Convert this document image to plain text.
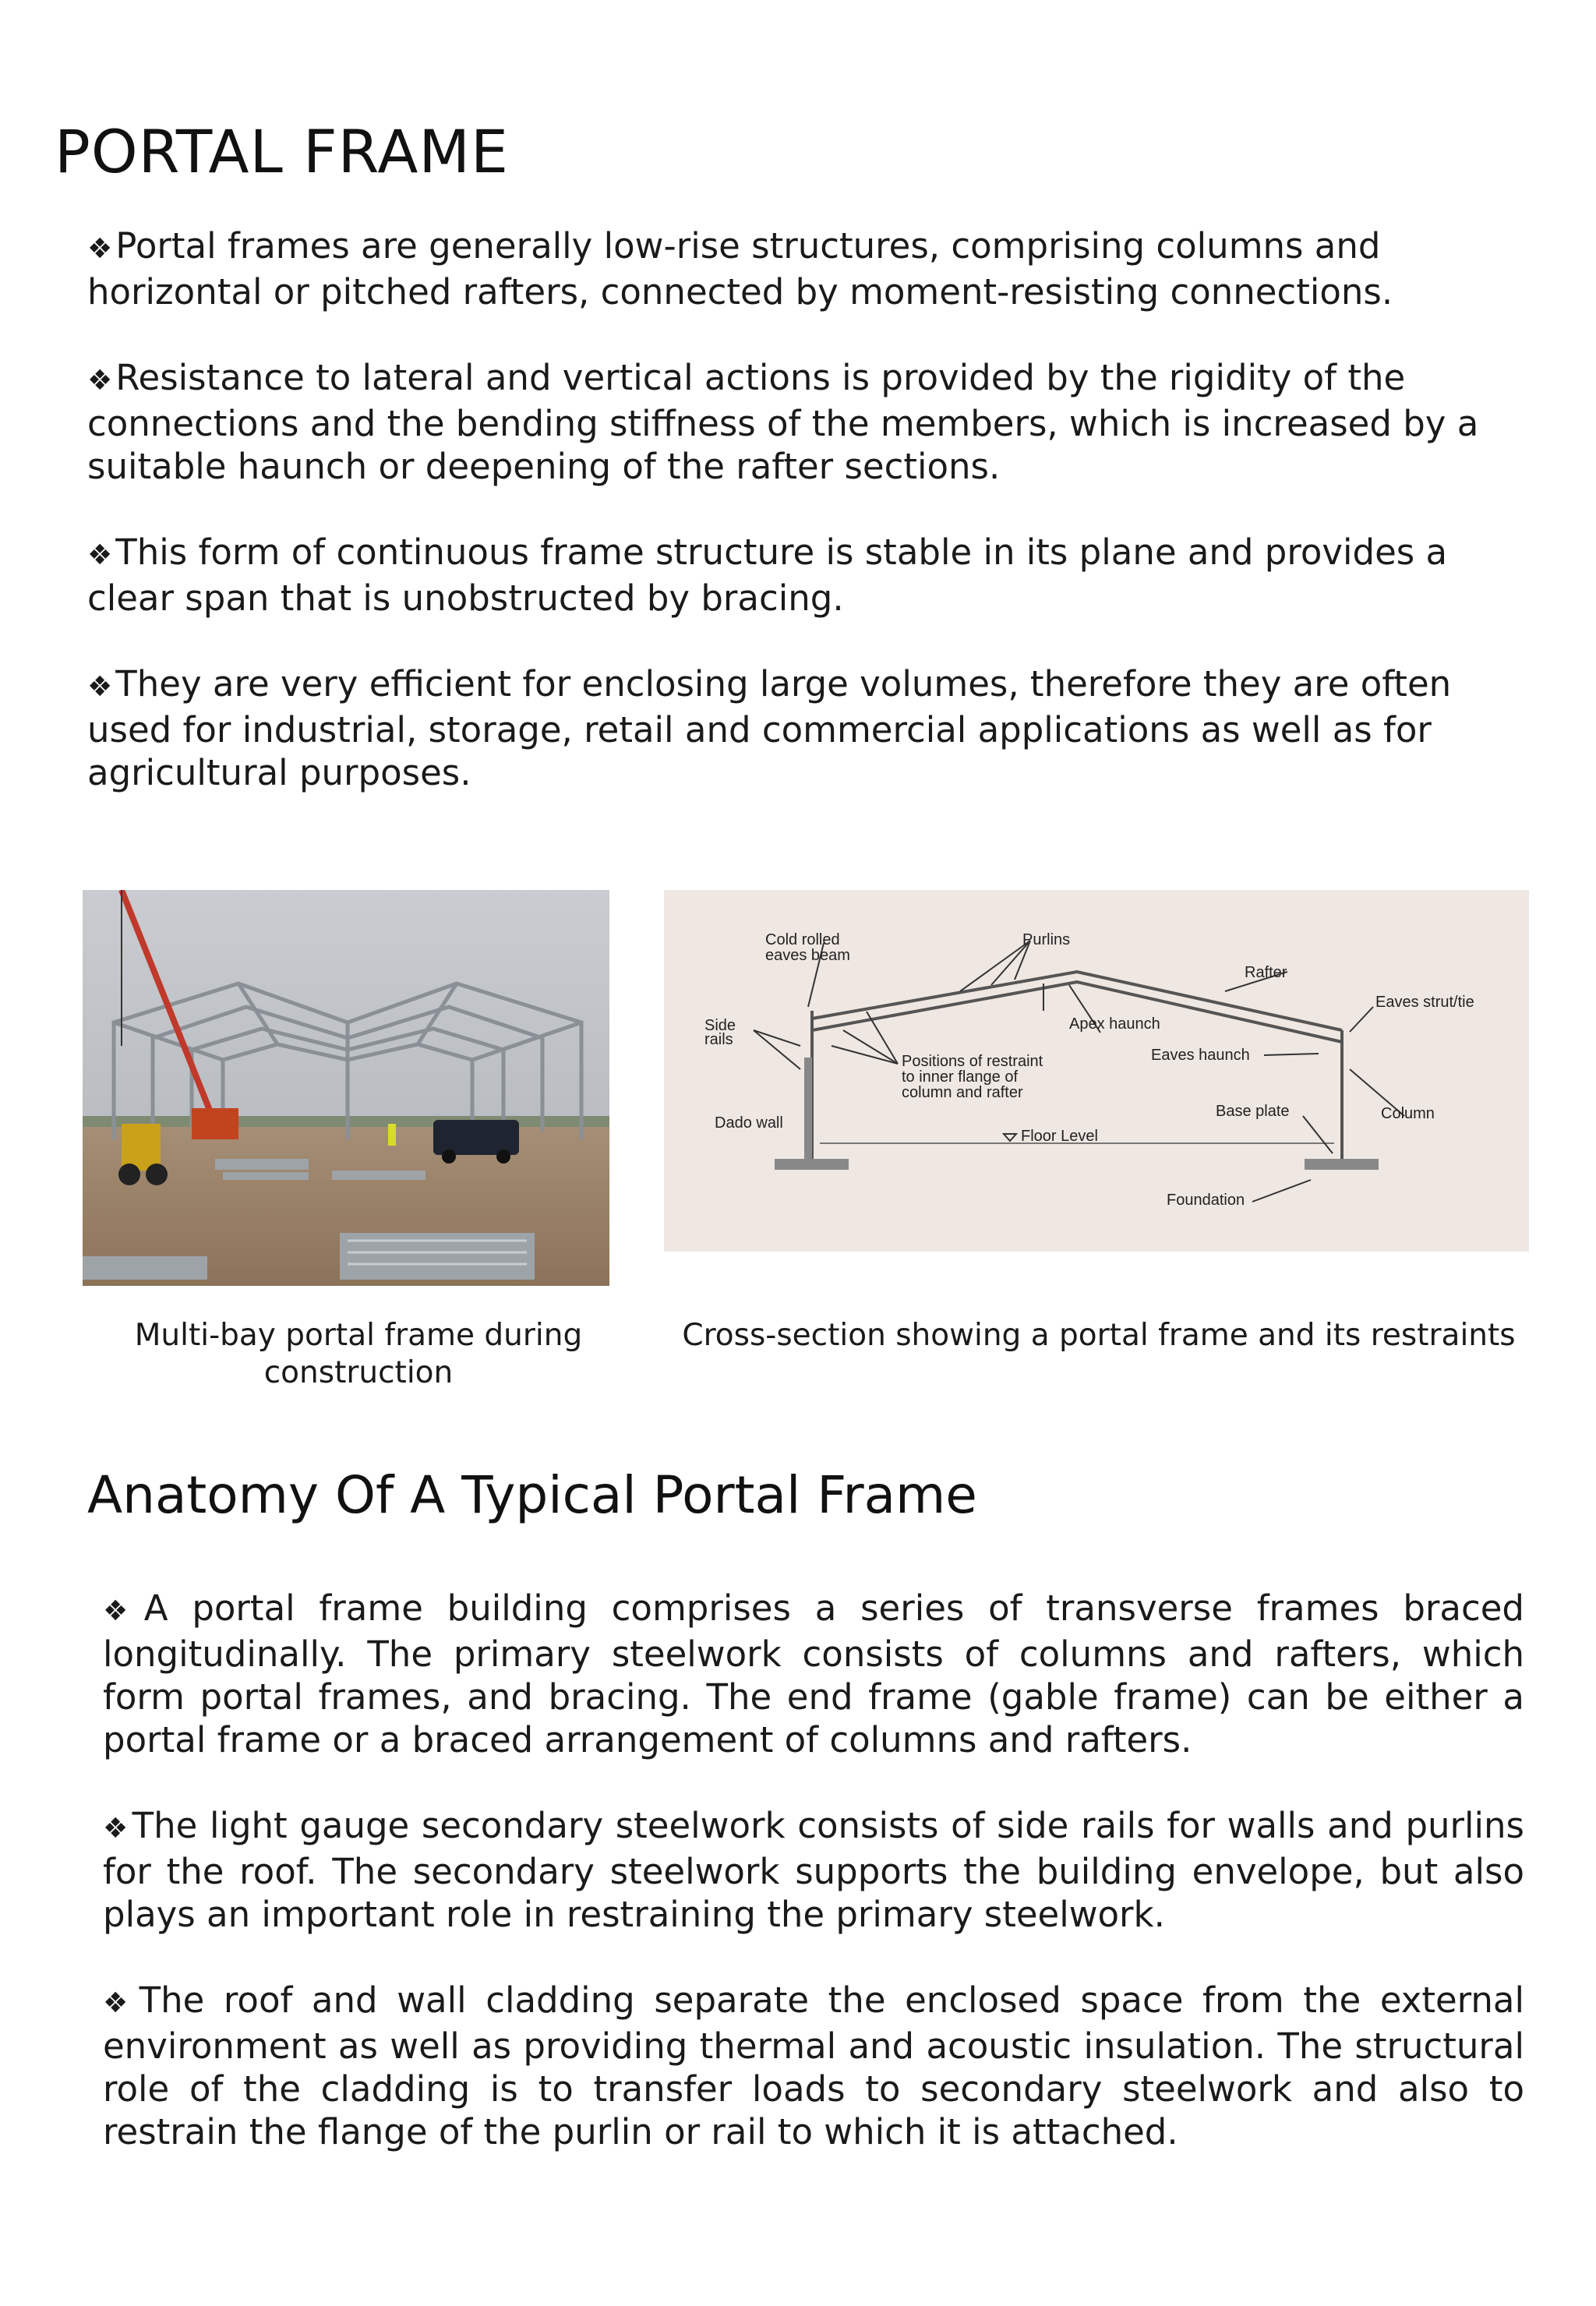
PORTAL FRAME

❖Portal frames are generally low-rise structures, comprising columns and horizontal or pitched rafters, connected by moment-resisting connections.

❖Resistance to lateral and vertical actions is provided by the rigidity of the connections and the bending stiffness of the members, which is increased by a suitable haunch or deepening of the rafter sections.

❖This form of continuous frame structure is stable in its plane and provides a clear span that is unobstructed by bracing.

❖They are very efficient for enclosing large volumes, therefore they are often used for industrial, storage, retail and commercial applications as well as for agricultural purposes.

Cold rolled
eaves beam
Purlins
Rafter
Eaves strut/tie
Side
rails
Apex haunch
Eaves haunch
Positions of restraint
to inner flange of
column and rafter
Dado wall
Base plate	Column
Floor Level
Foundation
Multi-bay portal frame during construction
Cross-section showing a portal frame and its restraints
Anatomy Of A Typical Portal Frame

❖A portal frame building comprises a series of transverse frames braced longitudinally. The primary steelwork consists of columns and rafters, which form portal frames, and bracing. The end frame (gable frame) can be either a portal frame or a braced arrangement of columns and rafters.

❖The light gauge secondary steelwork consists of side rails for walls and purlins for the roof. The secondary steelwork supports the building envelope, but also plays an important role in restraining the primary steelwork.

❖The roof and wall cladding separate the enclosed space from the external environment as well as providing thermal and acoustic insulation. The structural role of the cladding is to transfer loads to secondary steelwork and also to restrain the flange of the purlin or rail to which it is attached.
